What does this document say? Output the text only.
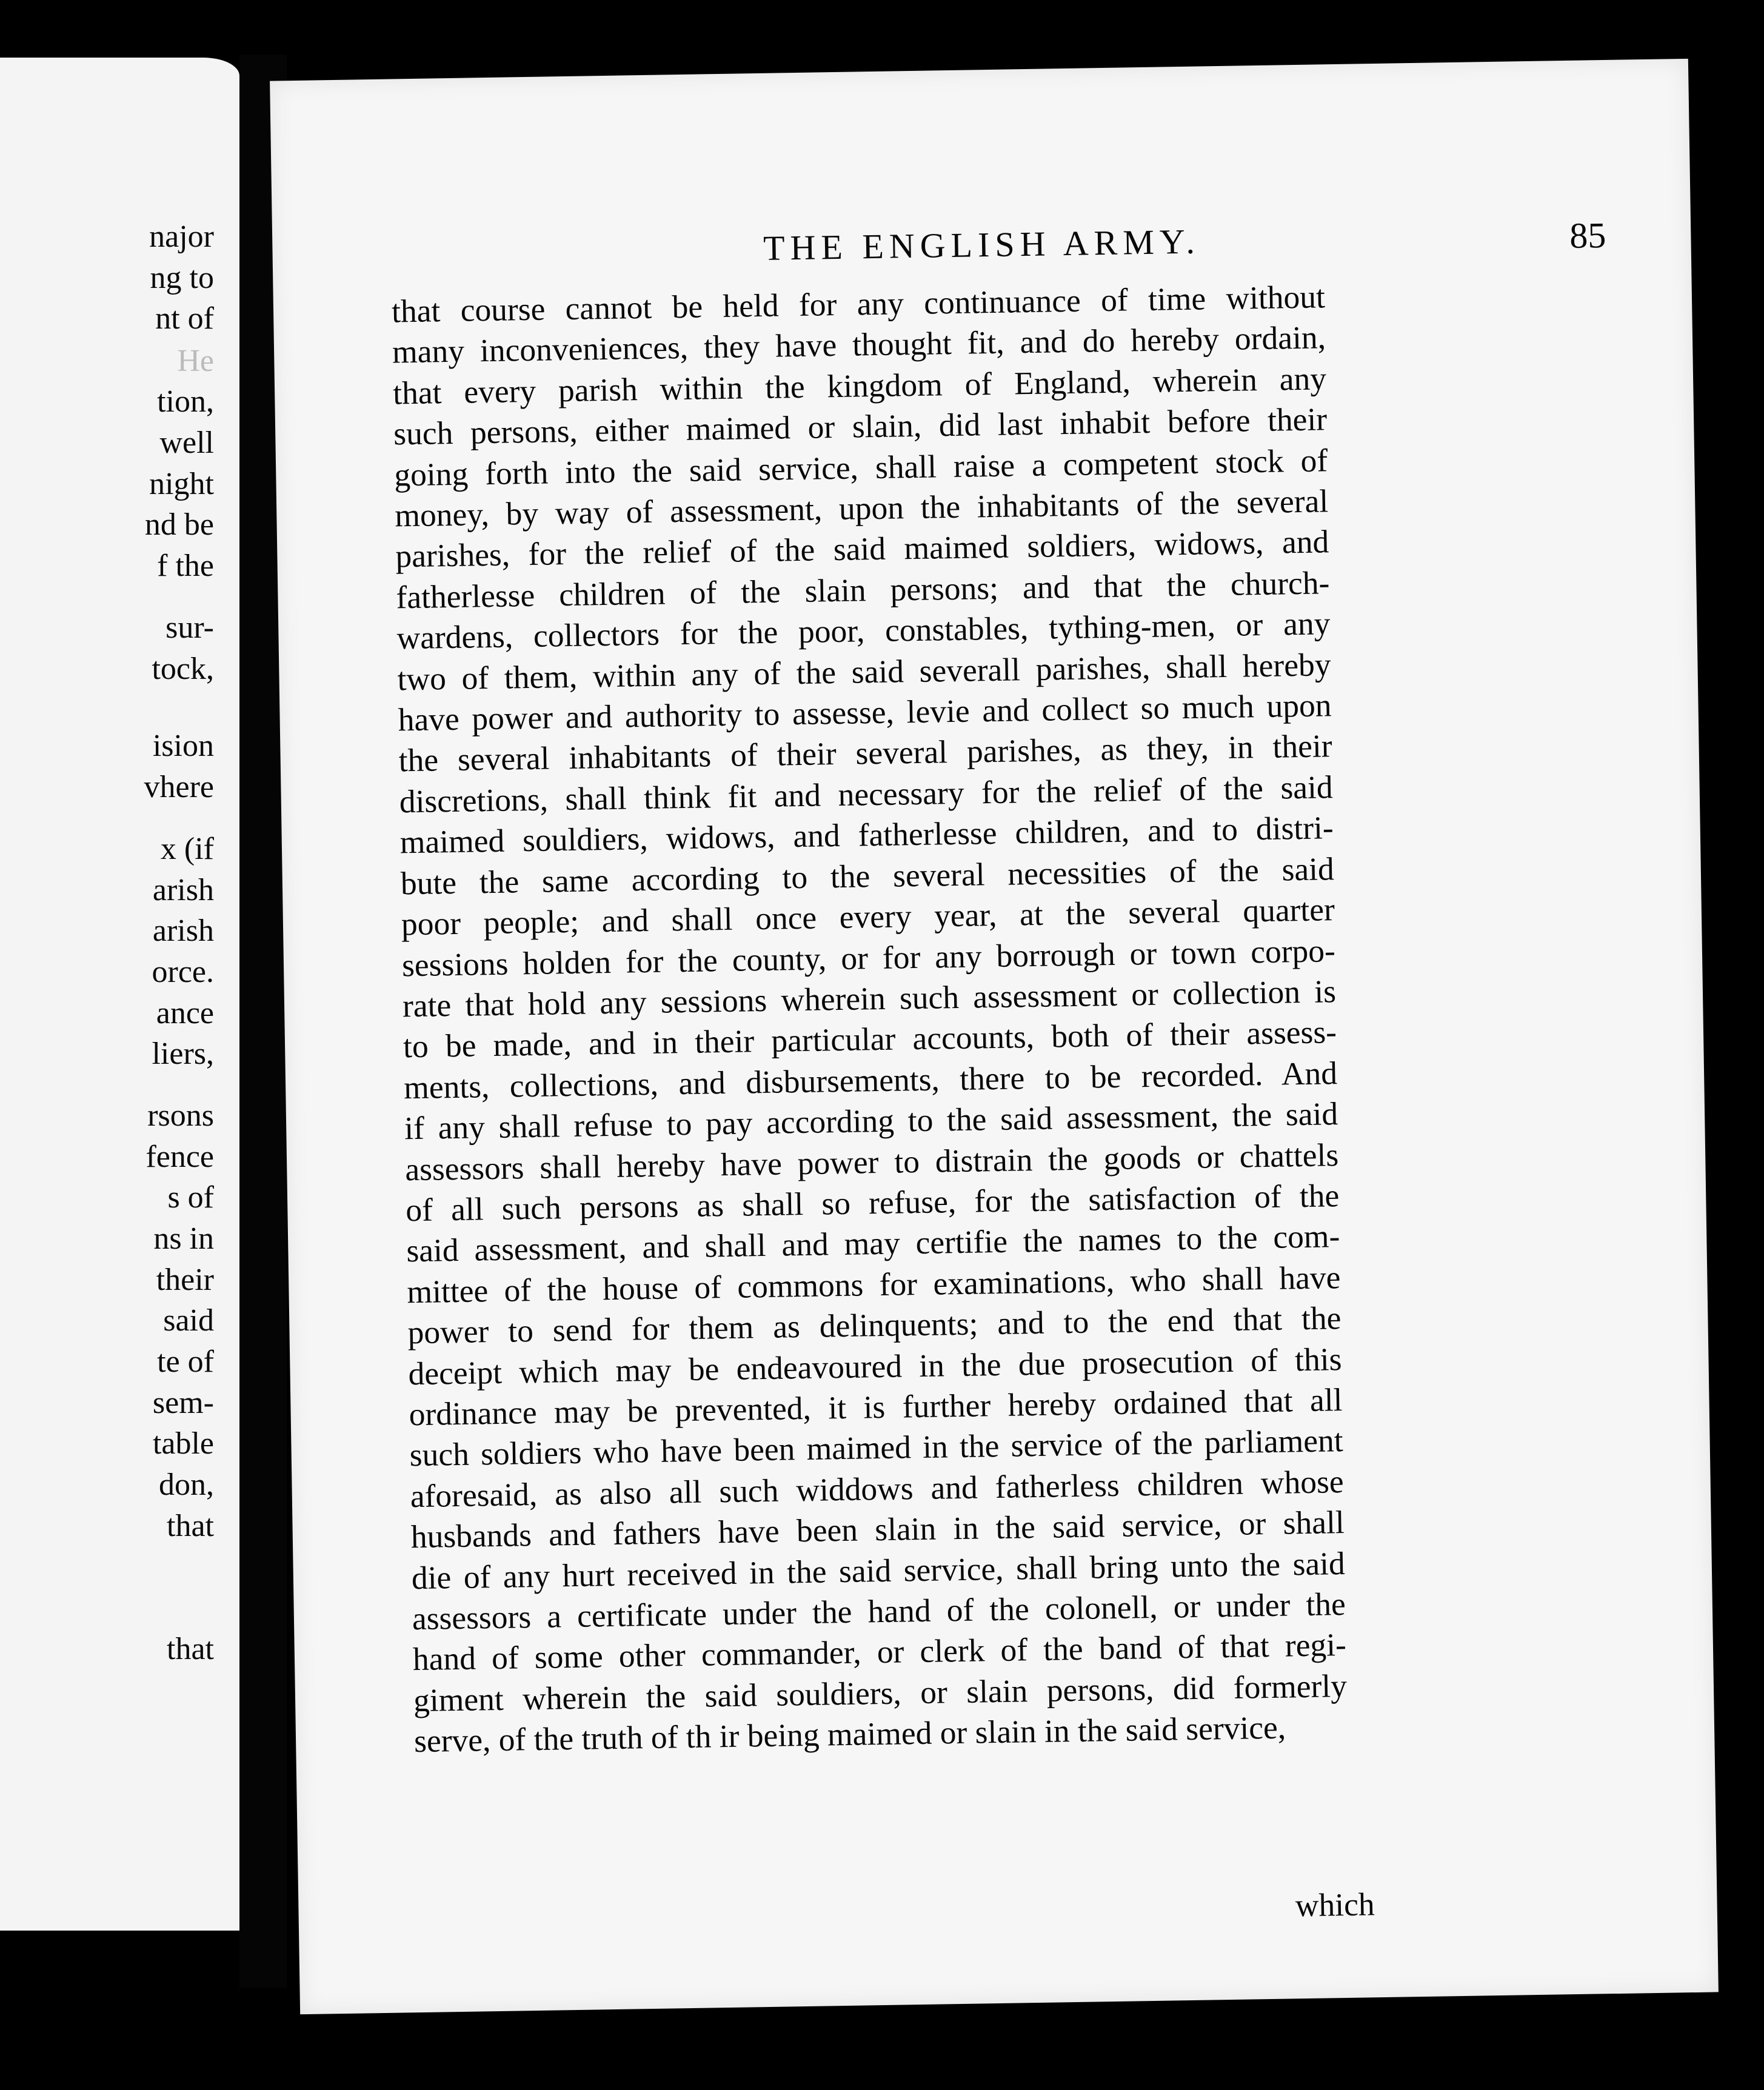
najor
ng to
nt of
He
tion,
well
night
nd be
f the
sur-
tock,
ision
vhere
x (if
arish
arish
orce.
ance
liers,
rsons
fence
s of
ns in
their
said
te of
sem-
table
don,
that
that
THE ENGLISH ARMY.	85
that course cannot be held for any continuance of time without
many inconveniences, they have thought fit, and do hereby ordain,
that every parish within the kingdom of England, wherein any
such persons, either maimed or slain, did last inhabit before their
going forth into the said service, shall raise a competent stock of
money, by way of assessment, upon the inhabitants of the several
parishes, for the relief of the said maimed soldiers, widows, and
fatherlesse children of the slain persons; and that the church-
wardens, collectors for the poor, constables, tything-men, or any
two of them, within any of the said severall parishes, shall hereby
have power and authority to assesse, levie and collect so much upon
the several inhabitants of their several parishes, as they, in their
discretions, shall think fit and necessary for the relief of the said
maimed souldiers, widows, and fatherlesse children, and to distri-
bute the same according to the several necessities of the said
poor people; and shall once every year, at the several quarter
sessions holden for the county, or for any borrough or town corpo-
rate that hold any sessions wherein such assessment or collection is
to be made, and in their particular accounts, both of their assess-
ments, collections, and disbursements, there to be recorded. And
if any shall refuse to pay according to the said assessment, the said
assessors shall hereby have power to distrain the goods or chattels
of all such persons as shall so refuse, for the satisfaction of the
said assessment, and shall and may certifie the names to the com-
mittee of the house of commons for examinations, who shall have
power to send for them as delinquents; and to the end that the
deceipt which may be endeavoured in the due prosecution of this
ordinance may be prevented, it is further hereby ordained that all
such soldiers who have been maimed in the service of the parliament
aforesaid, as also all such widdows and fatherless children whose
husbands and fathers have been slain in the said service, or shall
die of any hurt received in the said service, shall bring unto the said
assessors a certificate under the hand of the colonell, or under the
hand of some other commander, or clerk of the band of that regi-
giment wherein the said souldiers, or slain persons, did formerly
serve, of the truth of th ir being maimed or slain in the said service,
which
